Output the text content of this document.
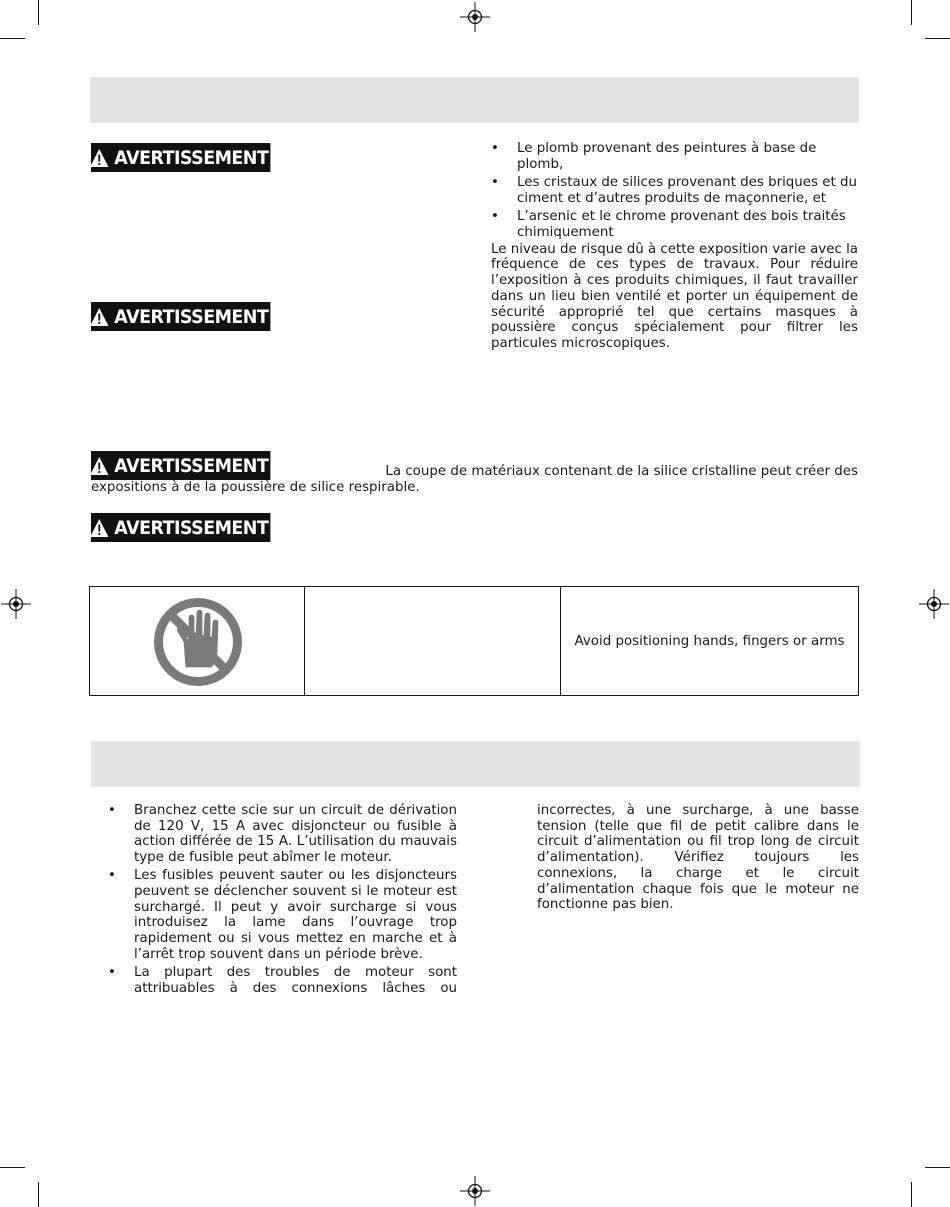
AVERTISSEMENT
AVERTISSEMENT
AVERTISSEMENT
AVERTISSEMENT
• Le plomb provenant des peintures à base de plomb,
• Les cristaux de silices provenant des briques et du ciment et d’autres produits de maçonnerie, et
• L’arsenic et le chrome provenant des bois traités chimiquement

Le niveau de risque dû à cette exposition varie avec la fréquence de ces types de travaux. Pour réduire l’exposition à ces produits chimiques, il faut travailler dans un lieu bien ventilé et porter un équipement de sécurité approprié tel que certains masques à poussière conçus spécialement pour filtrer les particules microscopiques.

La coupe de matériaux contenant de la silice cristalline peut créer des
expositions à de la poussière de silice respirable.
Avoid positioning hands, fingers or arms
• Branchez cette scie sur un circuit de dérivation de 120 V, 15 A avec disjoncteur ou fusible à action différée de 15 A. L’utilisation du mauvais type de fusible peut abîmer le moteur.
• Les fusibles peuvent sauter ou les disjoncteurs peuvent se déclencher souvent si le moteur est surchargé. Il peut y avoir surcharge si vous introduisez la lame dans l’ouvrage trop rapidement ou si vous mettez en marche et à l’arrêt trop souvent dans un période brève.
• La plupart des troubles de moteur sont attribuables à des connexions lâches ou

incorrectes, à une surcharge, à une basse tension (telle que fil de petit calibre dans le circuit d’alimentation ou fil trop long de circuit d’alimentation). Vérifiez toujours les connexions, la charge et le circuit d’alimentation chaque fois que le moteur ne fonctionne pas bien.
